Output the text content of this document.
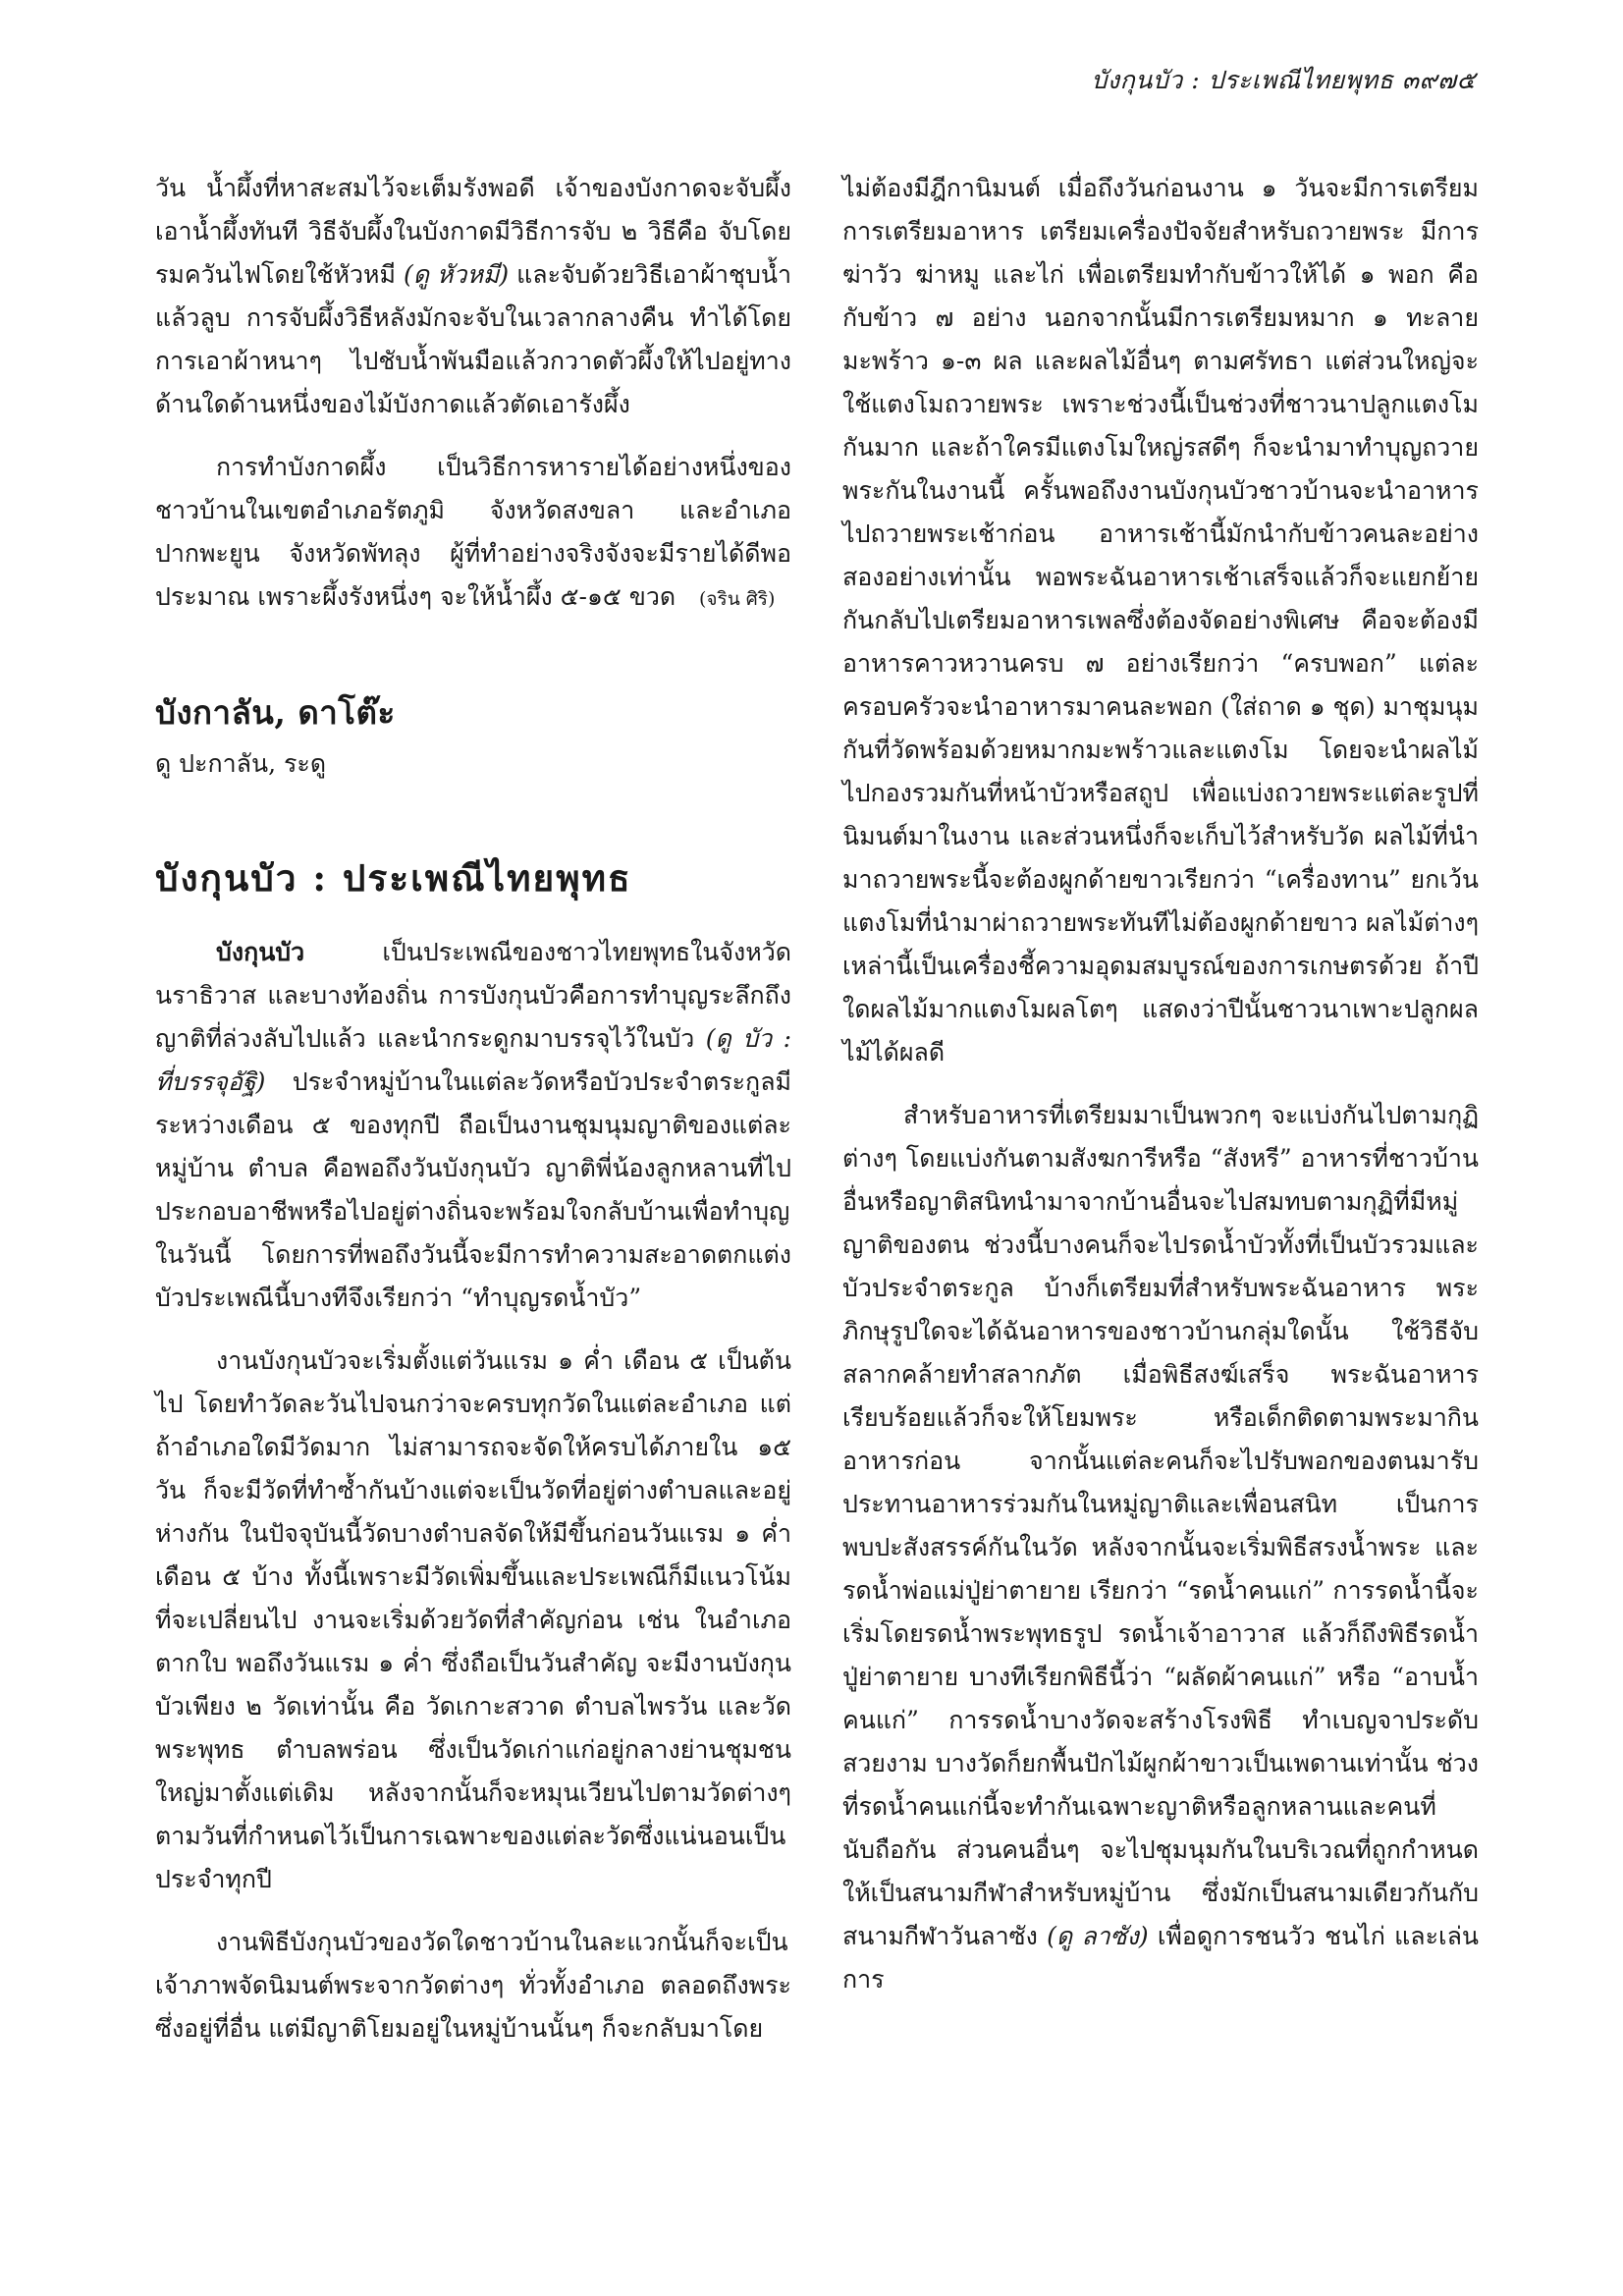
บังกุนบัว : ประเพณีไทยพุทธ ๓๙๗๕

วัน น้ำผึ้งที่หาสะสมไว้จะเต็มรังพอดี เจ้าของบังกาดจะจับผึ้งเอาน้ำผึ้งทันที วิธีจับผึ้งในบังกาดมีวิธีการจับ ๒ วิธีคือ จับโดยรมควันไฟโดยใช้หัวหมี (ดู หัวหมี) และจับด้วยวิธีเอาผ้าชุบน้ำแล้วลูบ การจับผึ้งวิธีหลังมักจะจับในเวลากลางคืน ทำได้โดยการเอาผ้าหนาๆ ไปชับน้ำพันมือแล้วกวาดตัวผึ้งให้ไปอยู่ทางด้านใดด้านหนึ่งของไม้บังกาดแล้วตัดเอารังผึ้ง

การทำบังกาดผึ้ง เป็นวิธีการหารายได้อย่างหนึ่งของชาวบ้านในเขตอำเภอรัตภูมิ จังหวัดสงขลา และอำเภอปากพะยูน จังหวัดพัทลุง ผู้ที่ทำอย่างจริงจังจะมีรายได้ดีพอประมาณ เพราะผึ้งรังหนึ่งๆ จะให้น้ำผึ้ง ๕-๑๕ ขวด (จริน ศิริ)

บังกาลัน, ดาโต๊ะ

ดู ปะกาลัน, ระดู

บังกุนบัว : ประเพณีไทยพุทธ

บังกุนบัว เป็นประเพณีของชาวไทยพุทธในจังหวัดนราธิวาส และบางท้องถิ่น การบังกุนบัวคือการทำบุญระลึกถึงญาติที่ล่วงลับไปแล้ว และนำกระดูกมาบรรจุไว้ในบัว (ดู บัว : ที่บรรจุอัฐิ) ประจำหมู่บ้านในแต่ละวัดหรือบัวประจำตระกูลมีระหว่างเดือน ๕ ของทุกปี ถือเป็นงานชุมนุมญาติของแต่ละหมู่บ้าน ตำบล คือพอถึงวันบังกุนบัว ญาติพี่น้องลูกหลานที่ไปประกอบอาชีพหรือไปอยู่ต่างถิ่นจะพร้อมใจกลับบ้านเพื่อทำบุญในวันนี้ โดยการที่พอถึงวันนี้จะมีการทำความสะอาดตกแต่งบัวประเพณีนี้บางทีจึงเรียกว่า “ทำบุญรดน้ำบัว”

งานบังกุนบัวจะเริ่มตั้งแต่วันแรม ๑ ค่ำ เดือน ๕ เป็นต้นไป โดยทำวัดละวันไปจนกว่าจะครบทุกวัดในแต่ละอำเภอ แต่ถ้าอำเภอใดมีวัดมาก ไม่สามารถจะจัดให้ครบได้ภายใน ๑๕ วัน ก็จะมีวัดที่ทำซ้ำกันบ้างแต่จะเป็นวัดที่อยู่ต่างตำบลและอยู่ห่างกัน ในปัจจุบันนี้วัดบางตำบลจัดให้มีขึ้นก่อนวันแรม ๑ ค่ำ เดือน ๕ บ้าง ทั้งนี้เพราะมีวัดเพิ่มขึ้นและประเพณีก็มีแนวโน้มที่จะเปลี่ยนไป งานจะเริ่มด้วยวัดที่สำคัญก่อน เช่น ในอำเภอตากใบ พอถึงวันแรม ๑ ค่ำ ซึ่งถือเป็นวันสำคัญ จะมีงานบังกุนบัวเพียง ๒ วัดเท่านั้น คือ วัดเกาะสวาด ตำบลไพรวัน และวัดพระพุทธ ตำบลพร่อน ซึ่งเป็นวัดเก่าแก่อยู่กลางย่านชุมชนใหญ่มาตั้งแต่เดิม หลังจากนั้นก็จะหมุนเวียนไปตามวัดต่างๆ ตามวันที่กำหนดไว้เป็นการเฉพาะของแต่ละวัดซึ่งแน่นอนเป็นประจำทุกปี

งานพิธีบังกุนบัวของวัดใดชาวบ้านในละแวกนั้นก็จะเป็นเจ้าภาพจัดนิมนต์พระจากวัดต่างๆ ทั่วทั้งอำเภอ ตลอดถึงพระซึ่งอยู่ที่อื่น แต่มีญาติโยมอยู่ในหมู่บ้านนั้นๆ ก็จะกลับมาโดย

ไม่ต้องมีฎีกานิมนต์ เมื่อถึงวันก่อนงาน ๑ วันจะมีการเตรียมการเตรียมอาหาร เตรียมเครื่องปัจจัยสำหรับถวายพระ มีการฆ่าวัว ฆ่าหมู และไก่ เพื่อเตรียมทำกับข้าวให้ได้ ๑ พอก คือกับข้าว ๗ อย่าง นอกจากนั้นมีการเตรียมหมาก ๑ ทะลาย มะพร้าว ๑-๓ ผล และผลไม้อื่นๆ ตามศรัทธา แต่ส่วนใหญ่จะใช้แตงโมถวายพระ เพราะช่วงนี้เป็นช่วงที่ชาวนาปลูกแตงโมกันมาก และถ้าใครมีแตงโมใหญ่รสดีๆ ก็จะนำมาทำบุญถวายพระกันในงานนี้ ครั้นพอถึงงานบังกุนบัวชาวบ้านจะนำอาหารไปถวายพระเช้าก่อน อาหารเช้านี้มักนำกับข้าวคนละอย่างสองอย่างเท่านั้น พอพระฉันอาหารเช้าเสร็จแล้วก็จะแยกย้ายกันกลับไปเตรียมอาหารเพลซึ่งต้องจัดอย่างพิเศษ คือจะต้องมีอาหารคาวหวานครบ ๗ อย่างเรียกว่า “ครบพอก” แต่ละครอบครัวจะนำอาหารมาคนละพอก (ใส่ถาด ๑ ชุด) มาชุมนุมกันที่วัดพร้อมด้วยหมากมะพร้าวและแตงโม โดยจะนำผลไม้ไปกองรวมกันที่หน้าบัวหรือสถูป เพื่อแบ่งถวายพระแต่ละรูปที่นิมนต์มาในงาน และส่วนหนึ่งก็จะเก็บไว้สำหรับวัด ผลไม้ที่นำมาถวายพระนี้จะต้องผูกด้ายขาวเรียกว่า “เครื่องทาน” ยกเว้นแตงโมที่นำมาผ่าถวายพระทันทีไม่ต้องผูกด้ายขาว ผลไม้ต่างๆ เหล่านี้เป็นเครื่องชี้ความอุดมสมบูรณ์ของการเกษตรด้วย ถ้าปีใดผลไม้มากแตงโมผลโตๆ แสดงว่าปีนั้นชาวนาเพาะปลูกผลไม้ได้ผลดี

สำหรับอาหารที่เตรียมมาเป็นพวกๆ จะแบ่งกันไปตามกุฏิต่างๆ โดยแบ่งกันตามสังฆการีหรือ “สังหรี” อาหารที่ชาวบ้านอื่นหรือญาติสนิทนำมาจากบ้านอื่นจะไปสมทบตามกุฏิที่มีหมู่ญาติของตน ช่วงนี้บางคนก็จะไปรดน้ำบัวทั้งที่เป็นบัวรวมและบัวประจำตระกูล บ้างก็เตรียมที่สำหรับพระฉันอาหาร พระภิกษุรูปใดจะได้ฉันอาหารของชาวบ้านกลุ่มใดนั้น ใช้วิธีจับสลากคล้ายทำสลากภัต เมื่อพิธีสงฆ์เสร็จ พระฉันอาหารเรียบร้อยแล้วก็จะให้โยมพระ หรือเด็กติดตามพระมากินอาหารก่อน จากนั้นแต่ละคนก็จะไปรับพอกของตนมารับประทานอาหารร่วมกันในหมู่ญาติและเพื่อนสนิท เป็นการพบปะสังสรรค์กันในวัด หลังจากนั้นจะเริ่มพิธีสรงน้ำพระ และรดน้ำพ่อแม่ปู่ย่าตายาย เรียกว่า “รดน้ำคนแก่” การรดน้ำนี้จะเริ่มโดยรดน้ำพระพุทธรูป รดน้ำเจ้าอาวาส แล้วก็ถึงพิธีรดน้ำปู่ย่าตายาย บางทีเรียกพิธีนี้ว่า “ผลัดผ้าคนแก่” หรือ “อาบน้ำคนแก่” การรดน้ำบางวัดจะสร้างโรงพิธี ทำเบญจาประดับสวยงาม บางวัดก็ยกพื้นปักไม้ผูกผ้าขาวเป็นเพดานเท่านั้น ช่วงที่รดน้ำคนแก่นี้จะทำกันเฉพาะญาติหรือลูกหลานและคนที่นับถือกัน ส่วนคนอื่นๆ จะไปชุมนุมกันในบริเวณที่ถูกกำหนดให้เป็นสนามกีฬาสำหรับหมู่บ้าน ซึ่งมักเป็นสนามเดียวกันกับสนามกีฬาวันลาซัง (ดู ลาซัง) เพื่อดูการชนวัว ชนไก่ และเล่นการ
